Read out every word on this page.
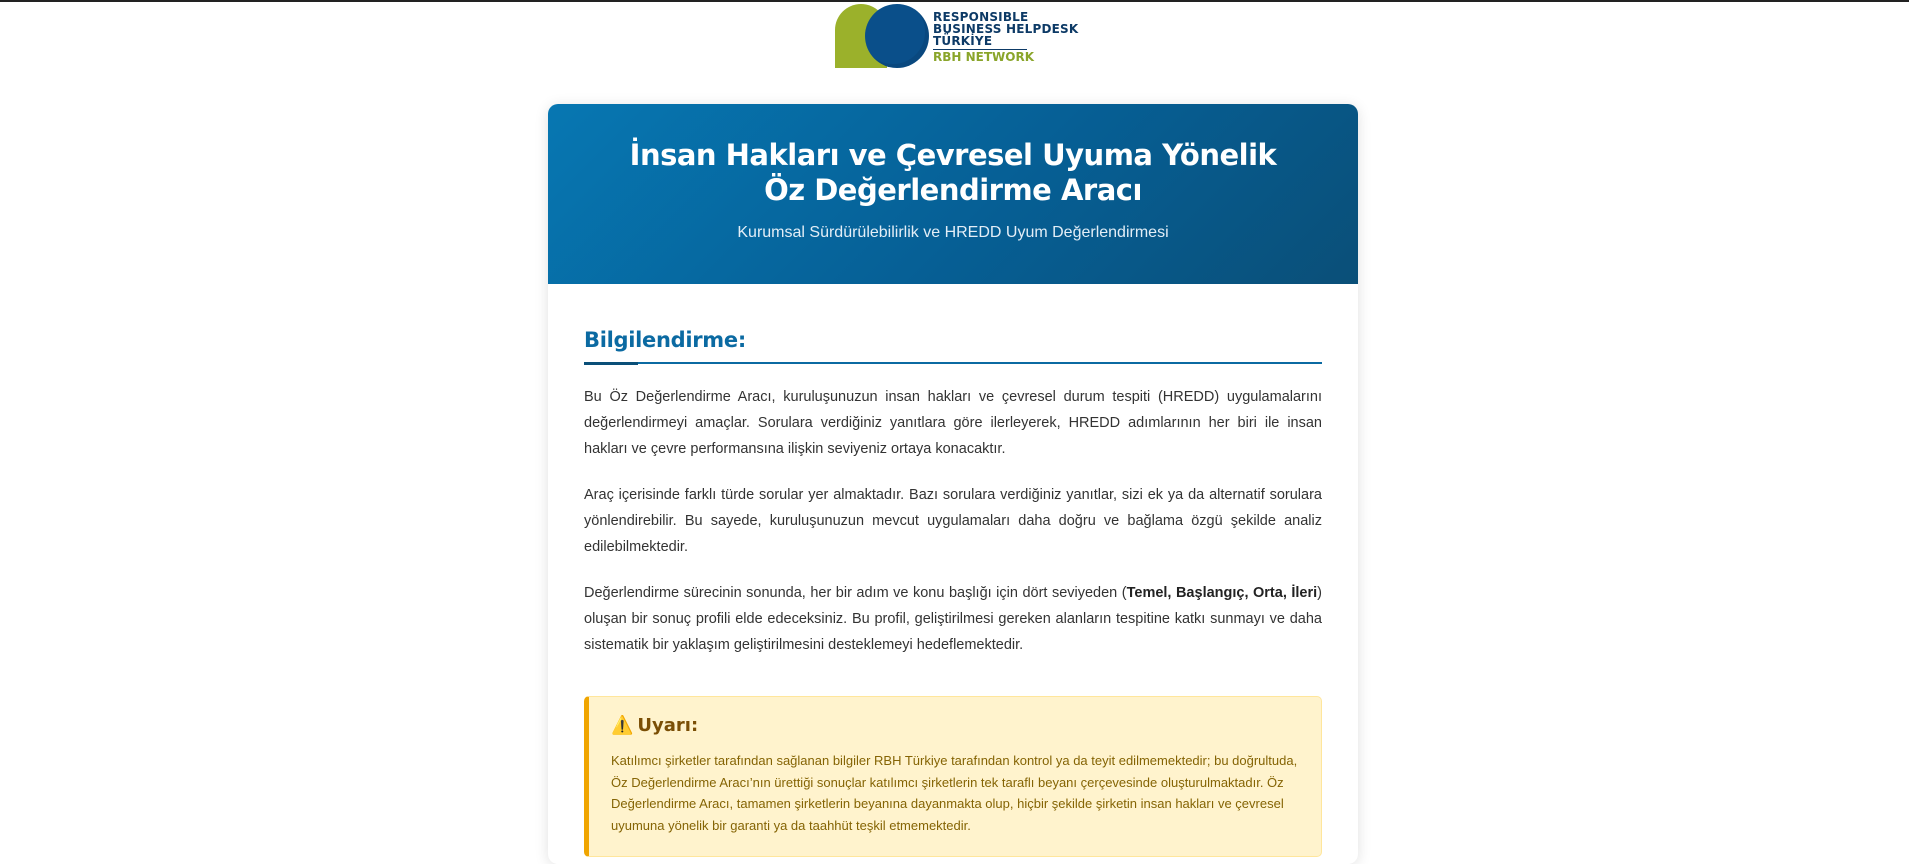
RESPONSIBLE
BUSINESS HELPDESK
TÜRKİYE
RBH NETWORK
İnsan Hakları ve Çevresel Uyuma Yönelik Öz Değerlendirme Aracı
Kurumsal Sürdürülebilirlik ve HREDD Uyum Değerlendirmesi
Bilgilendirme:

Bu Öz Değerlendirme Aracı, kuruluşunuzun insan hakları ve çevresel durum tespiti (HREDD) uygulamalarını değerlendirmeyi amaçlar. Sorulara verdiğiniz yanıtlara göre ilerleyerek, HREDD adımlarının her biri ile insan hakları ve çevre performansına ilişkin seviyeniz ortaya konacaktır.

Araç içerisinde farklı türde sorular yer almaktadır. Bazı sorulara verdiğiniz yanıtlar, sizi ek ya da alternatif sorulara yönlendirebilir. Bu sayede, kuruluşunuzun mevcut uygulamaları daha doğru ve bağlama özgü şekilde analiz edilebilmektedir.

Değerlendirme sürecinin sonunda, her bir adım ve konu başlığı için dört seviyeden (Temel, Başlangıç, Orta, İleri) oluşan bir sonuç profili elde edeceksiniz. Bu profil, geliştirilmesi gereken alanların tespitine katkı sunmayı ve daha sistematik bir yaklaşım geliştirilmesini desteklemeyi hedeflemektedir.

⚠️ Uyarı:
Katılımcı şirketler tarafından sağlanan bilgiler RBH Türkiye tarafından kontrol ya da teyit edilmemektedir; bu doğrultuda, Öz Değerlendirme Aracı’nın ürettiği sonuçlar katılımcı şirketlerin tek taraflı beyanı çerçevesinde oluşturulmaktadır. Öz Değerlendirme Aracı, tamamen şirketlerin beyanına dayanmakta olup, hiçbir şekilde şirketin insan hakları ve çevresel uyumuna yönelik bir garanti ya da taahhüt teşkil etmemektedir.
